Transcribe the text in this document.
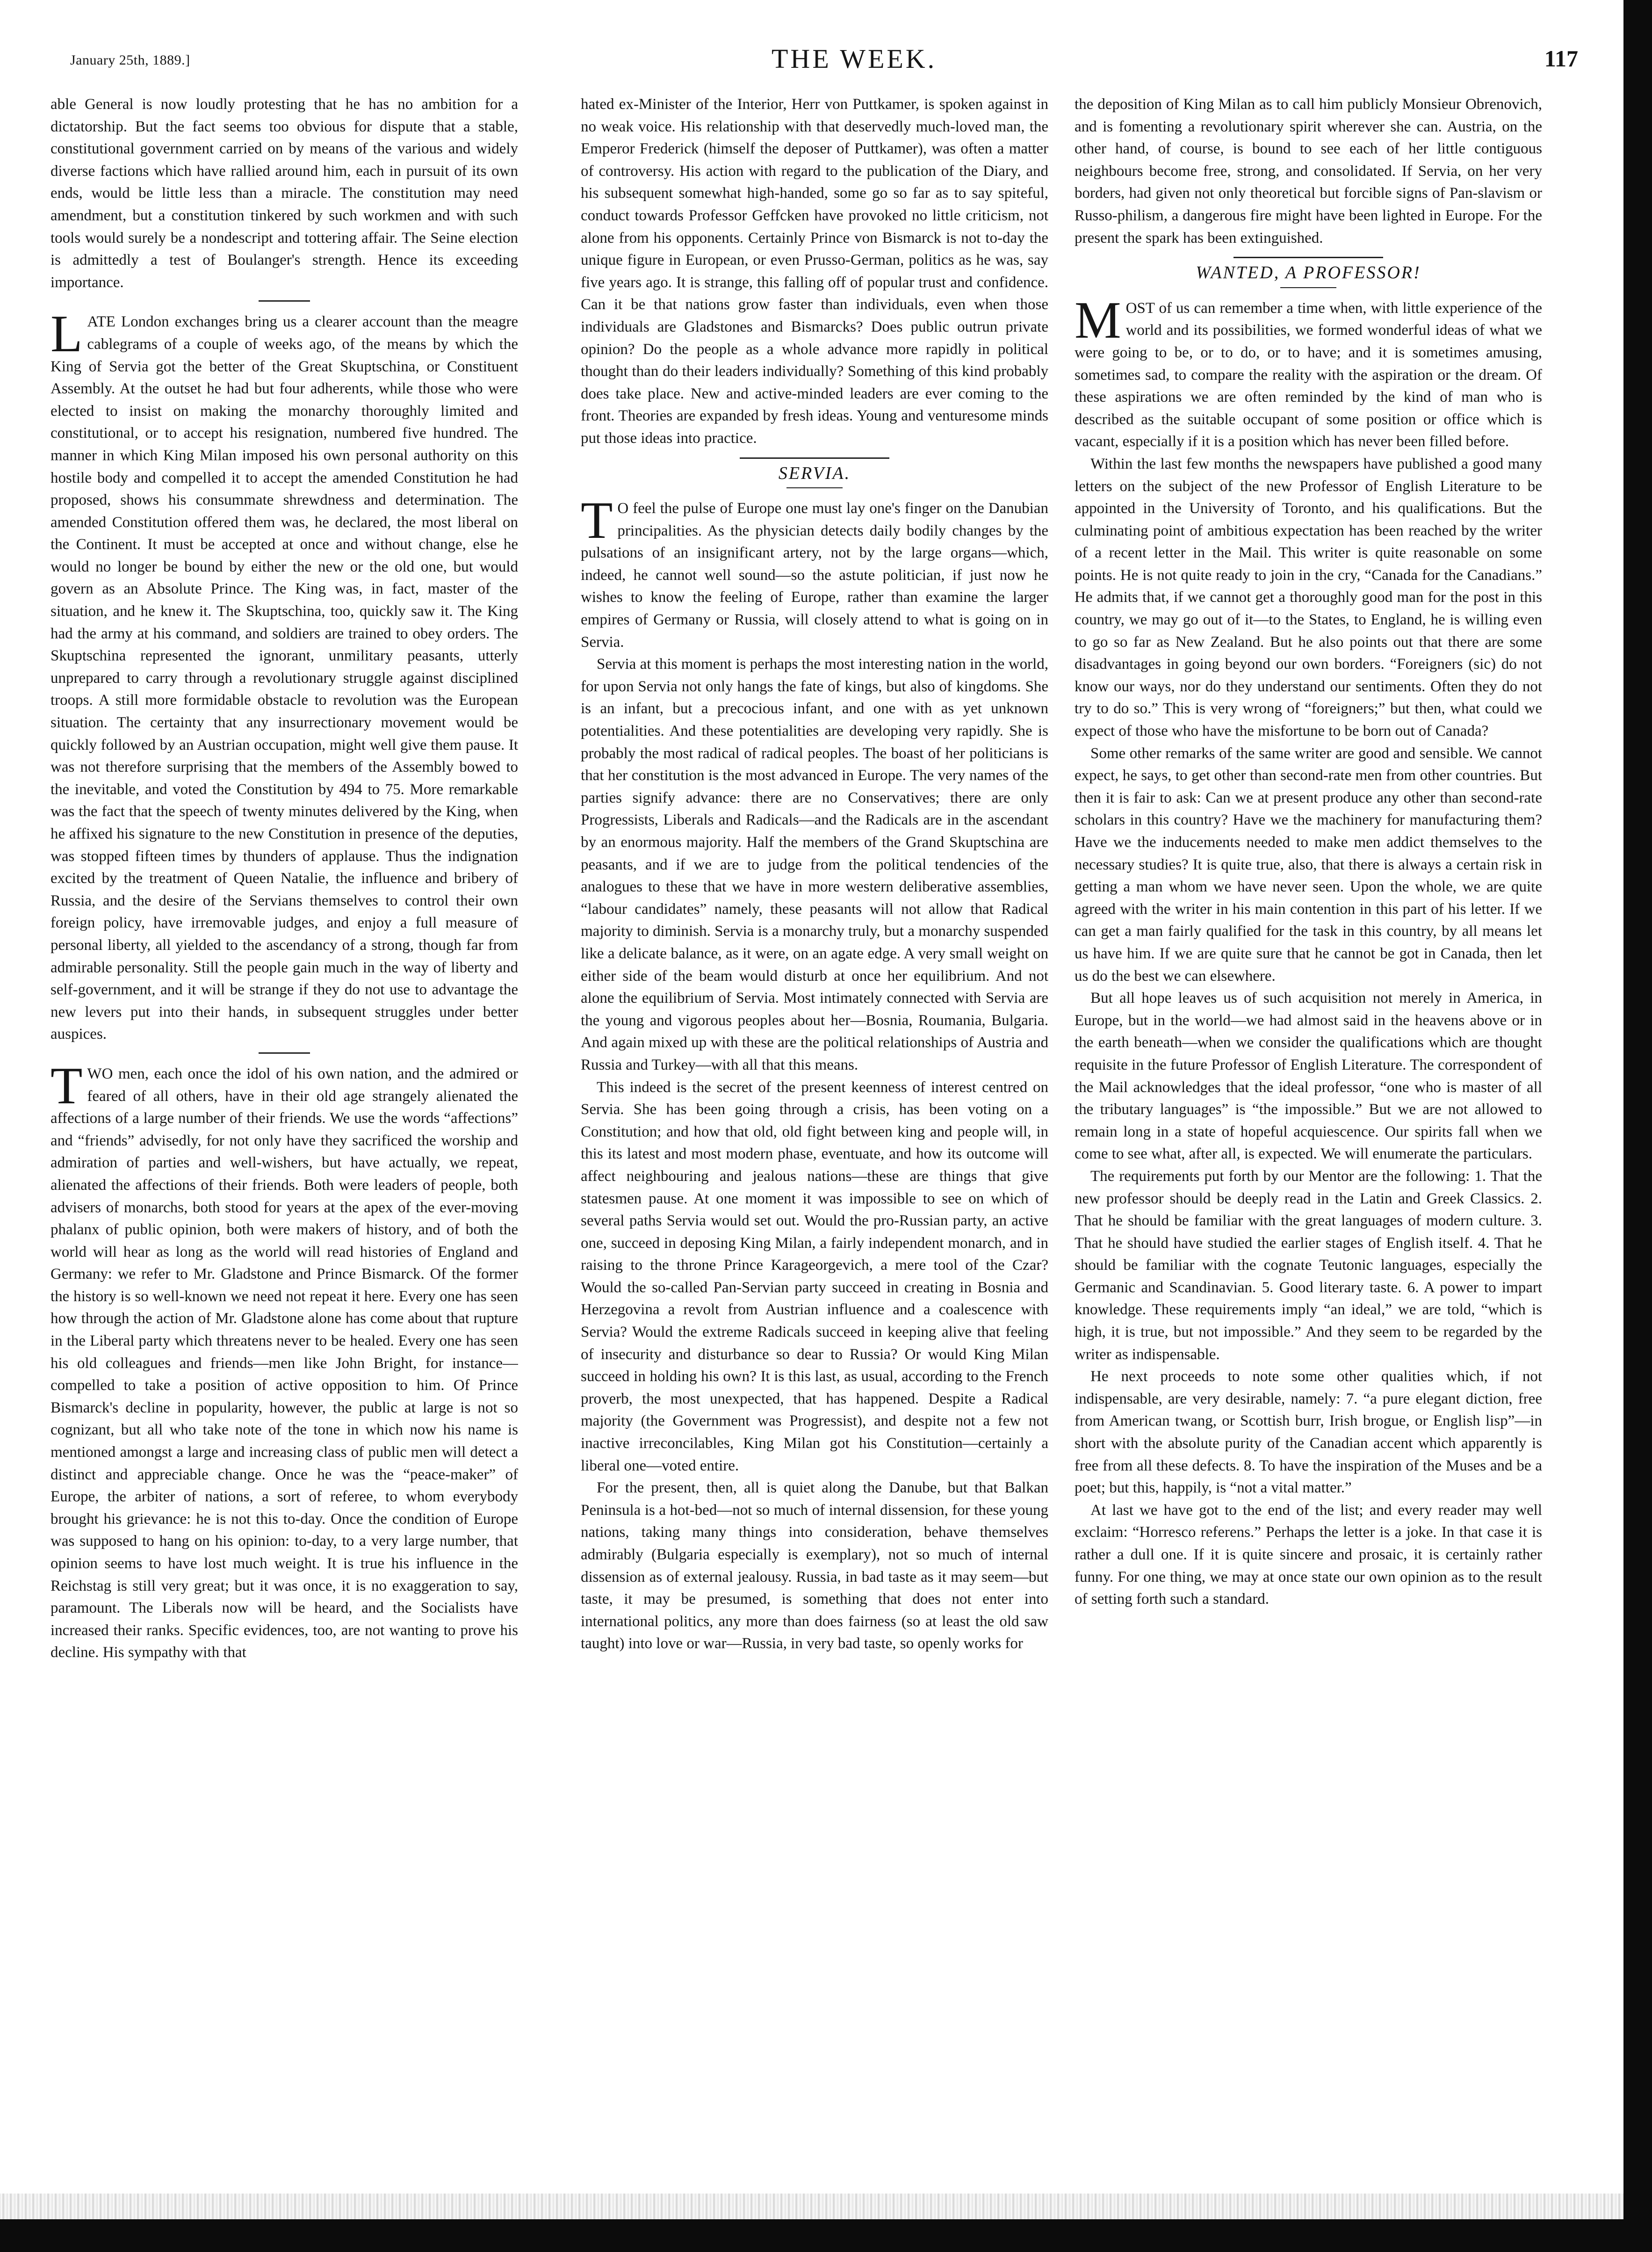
January 25th, 1889.]	THE WEEK.	117

able General is now loudly protesting that he has no ambition for a dictatorship. But the fact seems too obvious for dispute that a stable, constitutional government carried on by means of the various and widely diverse factions which have rallied around him, each in pursuit of its own ends, would be little less than a miracle. The constitution may need amendment, but a constitution tinkered by such workmen and with such tools would surely be a nondescript and tottering affair. The Seine election is admittedly a test of Boulanger's strength. Hence its exceeding importance.

LATE London exchanges bring us a clearer account than the meagre cablegrams of a couple of weeks ago, of the means by which the King of Servia got the better of the Great Skuptschina, or Constituent Assembly. At the outset he had but four adherents, while those who were elected to insist on making the monarchy thoroughly limited and constitutional, or to accept his resignation, numbered five hundred. The manner in which King Milan imposed his own personal authority on this hostile body and compelled it to accept the amended Constitution he had proposed, shows his consummate shrewdness and determination. The amended Constitution offered them was, he declared, the most liberal on the Continent. It must be accepted at once and without change, else he would no longer be bound by either the new or the old one, but would govern as an Absolute Prince. The King was, in fact, master of the situation, and he knew it. The Skuptschina, too, quickly saw it. The King had the army at his command, and soldiers are trained to obey orders. The Skuptschina represented the ignorant, unmilitary peasants, utterly unprepared to carry through a revolutionary struggle against disciplined troops. A still more formidable obstacle to revolution was the European situation. The certainty that any insurrectionary movement would be quickly followed by an Austrian occupation, might well give them pause. It was not therefore surprising that the members of the Assembly bowed to the inevitable, and voted the Constitution by 494 to 75. More remarkable was the fact that the speech of twenty minutes delivered by the King, when he affixed his signature to the new Constitution in presence of the deputies, was stopped fifteen times by thunders of applause. Thus the indignation excited by the treatment of Queen Natalie, the influence and bribery of Russia, and the desire of the Servians themselves to control their own foreign policy, have irremovable judges, and enjoy a full measure of personal liberty, all yielded to the ascendancy of a strong, though far from admirable personality. Still the people gain much in the way of liberty and self-government, and it will be strange if they do not use to advantage the new levers put into their hands, in subsequent struggles under better auspices.

TWO men, each once the idol of his own nation, and the admired or feared of all others, have in their old age strangely alienated the affections of a large number of their friends. We use the words “affections” and “friends” advisedly, for not only have they sacrificed the worship and admiration of parties and well-wishers, but have actually, we repeat, alienated the affections of their friends. Both were leaders of people, both advisers of monarchs, both stood for years at the apex of the ever-moving phalanx of public opinion, both were makers of history, and of both the world will hear as long as the world will read histories of England and Germany: we refer to Mr. Gladstone and Prince Bismarck. Of the former the history is so well-known we need not repeat it here. Every one has seen how through the action of Mr. Gladstone alone has come about that rupture in the Liberal party which threatens never to be healed. Every one has seen his old colleagues and friends—men like John Bright, for instance—compelled to take a position of active opposition to him. Of Prince Bismarck's decline in popularity, however, the public at large is not so cognizant, but all who take note of the tone in which now his name is mentioned amongst a large and increasing class of public men will detect a distinct and appreciable change. Once he was the “peace-maker” of Europe, the arbiter of nations, a sort of referee, to whom everybody brought his grievance: he is not this to-day. Once the condition of Europe was supposed to hang on his opinion: to-day, to a very large number, that opinion seems to have lost much weight. It is true his influence in the Reichstag is still very great; but it was once, it is no exaggeration to say, paramount. The Liberals now will be heard, and the Socialists have increased their ranks. Specific evidences, too, are not wanting to prove his decline. His sympathy with that

hated ex-Minister of the Interior, Herr von Puttkamer, is spoken against in no weak voice. His relationship with that deservedly much-loved man, the Emperor Frederick (himself the deposer of Puttkamer), was often a matter of controversy. His action with regard to the publication of the Diary, and his subsequent somewhat high-handed, some go so far as to say spiteful, conduct towards Professor Geffcken have provoked no little criticism, not alone from his opponents. Certainly Prince von Bismarck is not to-day the unique figure in European, or even Prusso-German, politics as he was, say five years ago. It is strange, this falling off of popular trust and confidence. Can it be that nations grow faster than individuals, even when those individuals are Gladstones and Bismarcks? Does public outrun private opinion? Do the people as a whole advance more rapidly in political thought than do their leaders individually? Something of this kind probably does take place. New and active-minded leaders are ever coming to the front. Theories are expanded by fresh ideas. Young and venturesome minds put those ideas into practice.

SERVIA.

TO feel the pulse of Europe one must lay one's finger on the Danubian principalities. As the physician detects daily bodily changes by the pulsations of an insignificant artery, not by the large organs—which, indeed, he cannot well sound—so the astute politician, if just now he wishes to know the feeling of Europe, rather than examine the larger empires of Germany or Russia, will closely attend to what is going on in Servia.

Servia at this moment is perhaps the most interesting nation in the world, for upon Servia not only hangs the fate of kings, but also of kingdoms. She is an infant, but a precocious infant, and one with as yet unknown potentialities. And these potentialities are developing very rapidly. She is probably the most radical of radical peoples. The boast of her politicians is that her constitution is the most advanced in Europe. The very names of the parties signify advance: there are no Conservatives; there are only Progressists, Liberals and Radicals—and the Radicals are in the ascendant by an enormous majority. Half the members of the Grand Skuptschina are peasants, and if we are to judge from the political tendencies of the analogues to these that we have in more western deliberative assemblies, “labour candidates” namely, these peasants will not allow that Radical majority to diminish. Servia is a monarchy truly, but a monarchy suspended like a delicate balance, as it were, on an agate edge. A very small weight on either side of the beam would disturb at once her equilibrium. And not alone the equilibrium of Servia. Most intimately connected with Servia are the young and vigorous peoples about her—Bosnia, Roumania, Bulgaria. And again mixed up with these are the political relationships of Austria and Russia and Turkey—with all that this means.

This indeed is the secret of the present keenness of interest centred on Servia. She has been going through a crisis, has been voting on a Constitution; and how that old, old fight between king and people will, in this its latest and most modern phase, eventuate, and how its outcome will affect neighbouring and jealous nations—these are things that give statesmen pause. At one moment it was impossible to see on which of several paths Servia would set out. Would the pro-Russian party, an active one, succeed in deposing King Milan, a fairly independent monarch, and in raising to the throne Prince Karageorgevich, a mere tool of the Czar? Would the so-called Pan-Servian party succeed in creating in Bosnia and Herzegovina a revolt from Austrian influence and a coalescence with Servia? Would the extreme Radicals succeed in keeping alive that feeling of insecurity and disturbance so dear to Russia? Or would King Milan succeed in holding his own? It is this last, as usual, according to the French proverb, the most unexpected, that has happened. Despite a Radical majority (the Government was Progressist), and despite not a few not inactive irreconcilables, King Milan got his Constitution—certainly a liberal one—voted entire.

For the present, then, all is quiet along the Danube, but that Balkan Peninsula is a hot-bed—not so much of internal dissension, for these young nations, taking many things into consideration, behave themselves admirably (Bulgaria especially is exemplary), not so much of internal dissension as of external jealousy. Russia, in bad taste as it may seem—but taste, it may be presumed, is something that does not enter into international politics, any more than does fairness (so at least the old saw taught) into love or war—Russia, in very bad taste, so openly works for

the deposition of King Milan as to call him publicly Monsieur Obrenovich, and is fomenting a revolutionary spirit wherever she can. Austria, on the other hand, of course, is bound to see each of her little contiguous neighbours become free, strong, and consolidated. If Servia, on her very borders, had given not only theoretical but forcible signs of Pan-slavism or Russo-philism, a dangerous fire might have been lighted in Europe. For the present the spark has been extinguished.

WANTED, A PROFESSOR!

MOST of us can remember a time when, with little experience of the world and its possibilities, we formed wonderful ideas of what we were going to be, or to do, or to have; and it is sometimes amusing, sometimes sad, to compare the reality with the aspiration or the dream. Of these aspirations we are often reminded by the kind of man who is described as the suitable occupant of some position or office which is vacant, especially if it is a position which has never been filled before.

Within the last few months the newspapers have published a good many letters on the subject of the new Professor of English Literature to be appointed in the University of Toronto, and his qualifications. But the culminating point of ambitious expectation has been reached by the writer of a recent letter in the Mail. This writer is quite reasonable on some points. He is not quite ready to join in the cry, “Canada for the Canadians.” He admits that, if we cannot get a thoroughly good man for the post in this country, we may go out of it—to the States, to England, he is willing even to go so far as New Zealand. But he also points out that there are some disadvantages in going beyond our own borders. “Foreigners (sic) do not know our ways, nor do they understand our sentiments. Often they do not try to do so.” This is very wrong of “foreigners;” but then, what could we expect of those who have the misfortune to be born out of Canada?

Some other remarks of the same writer are good and sensible. We cannot expect, he says, to get other than second-rate men from other countries. But then it is fair to ask: Can we at present produce any other than second-rate scholars in this country? Have we the machinery for manufacturing them? Have we the inducements needed to make men addict themselves to the necessary studies? It is quite true, also, that there is always a certain risk in getting a man whom we have never seen. Upon the whole, we are quite agreed with the writer in his main contention in this part of his letter. If we can get a man fairly qualified for the task in this country, by all means let us have him. If we are quite sure that he cannot be got in Canada, then let us do the best we can elsewhere.

But all hope leaves us of such acquisition not merely in America, in Europe, but in the world—we had almost said in the heavens above or in the earth beneath—when we consider the qualifications which are thought requisite in the future Professor of English Literature. The correspondent of the Mail acknowledges that the ideal professor, “one who is master of all the tributary languages” is “the impossible.” But we are not allowed to remain long in a state of hopeful acquiescence. Our spirits fall when we come to see what, after all, is expected. We will enumerate the particulars.

The requirements put forth by our Mentor are the following: 1. That the new professor should be deeply read in the Latin and Greek Classics. 2. That he should be familiar with the great languages of modern culture. 3. That he should have studied the earlier stages of English itself. 4. That he should be familiar with the cognate Teutonic languages, especially the Germanic and Scandinavian. 5. Good literary taste. 6. A power to impart knowledge. These requirements imply “an ideal,” we are told, “which is high, it is true, but not impossible.” And they seem to be regarded by the writer as indispensable.

He next proceeds to note some other qualities which, if not indispensable, are very desirable, namely: 7. “a pure elegant diction, free from American twang, or Scottish burr, Irish brogue, or English lisp”—in short with the absolute purity of the Canadian accent which apparently is free from all these defects. 8. To have the inspiration of the Muses and be a poet; but this, happily, is “not a vital matter.”

At last we have got to the end of the list; and every reader may well exclaim: “Horresco referens.” Perhaps the letter is a joke. In that case it is rather a dull one. If it is quite sincere and prosaic, it is certainly rather funny. For one thing, we may at once state our own opinion as to the result of setting forth such a standard.
